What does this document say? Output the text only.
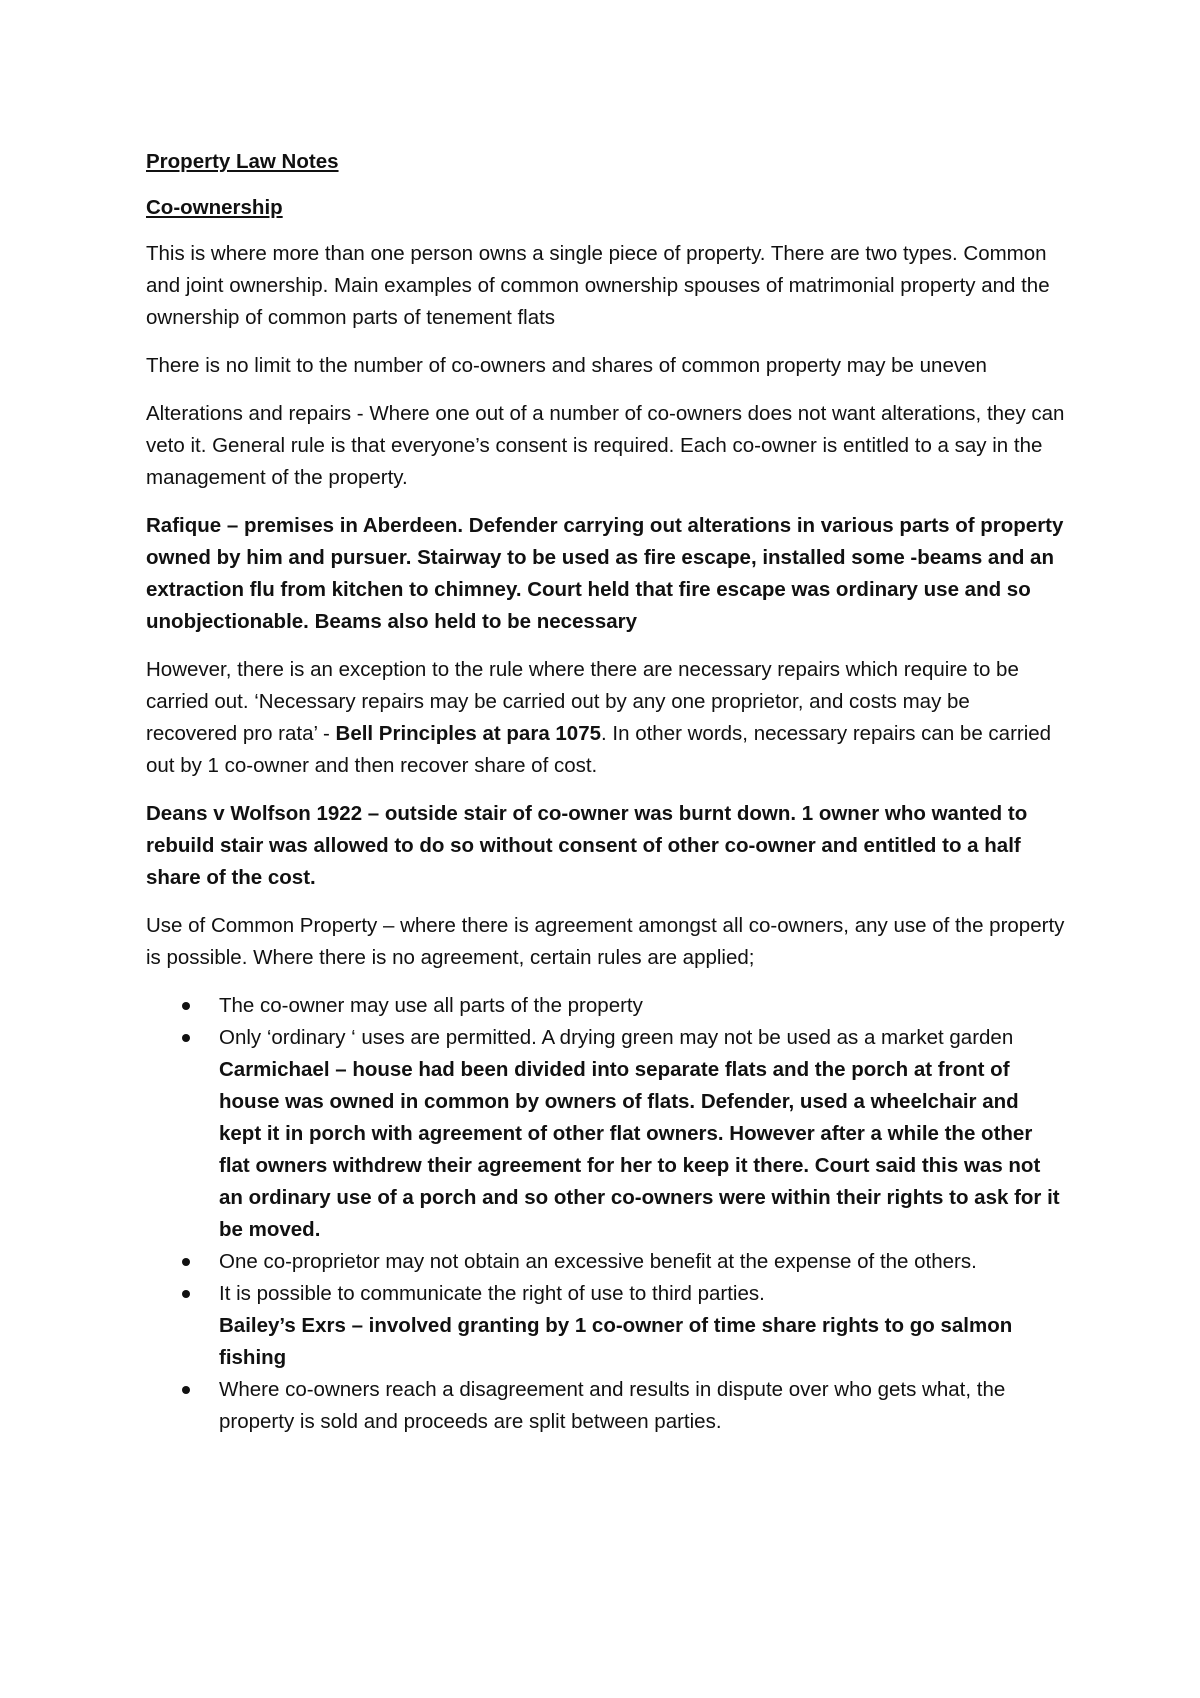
Property Law Notes

Co-ownership

This is where more than one person owns a single piece of property. There are two types. Common and joint ownership. Main examples of common ownership spouses of matrimonial property and the ownership of common parts of tenement flats

There is no limit to the number of co-owners and shares of common property may be uneven

Alterations and repairs - Where one out of a number of co-owners does not want alterations, they can veto it. General rule is that everyone’s consent is required. Each co-owner is entitled to a say in the management of the property.

Rafique – premises in Aberdeen. Defender carrying out alterations in various parts of property owned by him and pursuer. Stairway to be used as fire escape, installed some -beams and an extraction flu from kitchen to chimney. Court held that fire escape was ordinary use and so unobjectionable. Beams also held to be necessary

However, there is an exception to the rule where there are necessary repairs which require to be carried out. ‘Necessary repairs may be carried out by any one proprietor, and costs may be recovered pro rata’ - Bell Principles at para 1075. In other words, necessary repairs can be carried out by 1 co-owner and then recover share of cost.

Deans v Wolfson 1922 – outside stair of co-owner was burnt down. 1 owner who wanted to rebuild stair was allowed to do so without consent of other co-owner and entitled to a half share of the cost.

Use of Common Property – where there is agreement amongst all co-owners, any use of the property is possible. Where there is no agreement, certain rules are applied;

The co-owner may use all parts of the property
Only ‘ordinary ‘ uses are permitted. A drying green may not be used as a market garden
Carmichael – house had been divided into separate flats and the porch at front of house was owned in common by owners of flats. Defender, used a wheelchair and kept it in porch with agreement of other flat owners. However after a while the other flat owners withdrew their agreement for her to keep it there. Court said this was not an ordinary use of a porch and so other co-owners were within their rights to ask for it be moved.
One co-proprietor may not obtain an excessive benefit at the expense of the others.
It is possible to communicate the right of use to third parties.
Bailey’s Exrs – involved granting by 1 co-owner of time share rights to go salmon fishing
Where co-owners reach a disagreement and results in dispute over who gets what, the property is sold and proceeds are split between parties.
